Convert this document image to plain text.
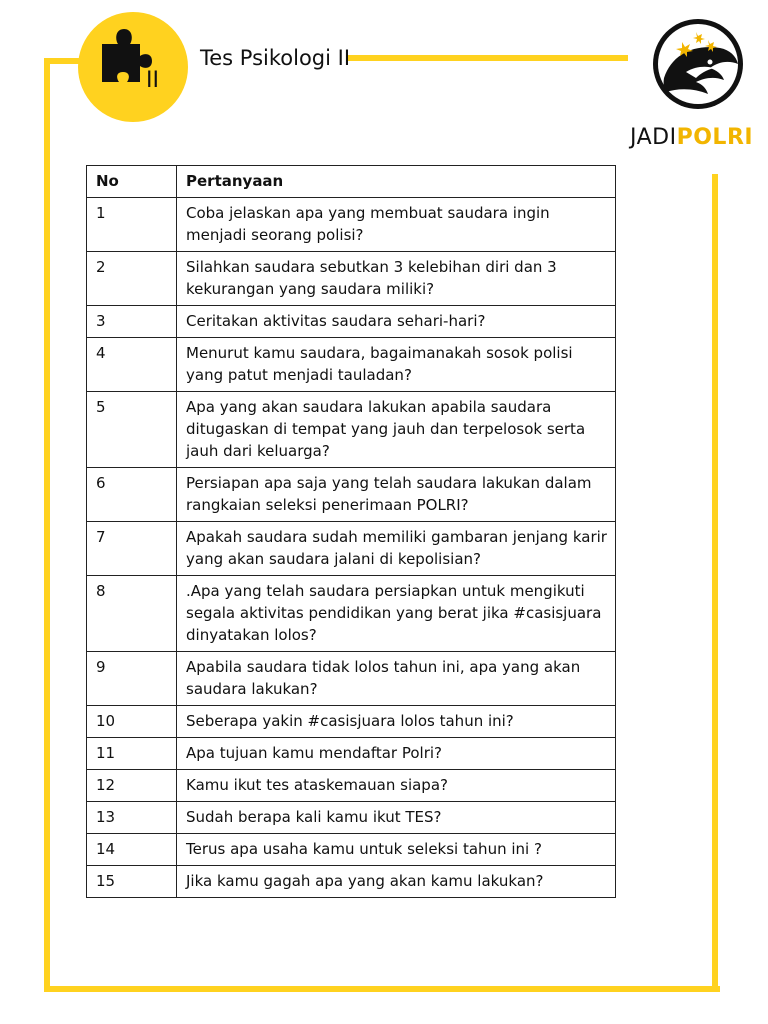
II
Tes Psikologi II
JADIPOLRI
No	Pertanyaan
1	Coba jelaskan apa yang membuat saudara ingin menjadi seorang polisi?
2	Silahkan saudara sebutkan 3 kelebihan diri dan 3 kekurangan yang saudara miliki?
3	Ceritakan aktivitas saudara sehari-hari?
4	Menurut kamu saudara, bagaimanakah sosok polisi yang patut menjadi tauladan?
5	Apa yang akan saudara lakukan apabila saudara ditugaskan di tempat yang jauh dan terpelosok serta jauh dari keluarga?
6	Persiapan apa saja yang telah saudara lakukan dalam rangkaian seleksi penerimaan POLRI?
7	Apakah saudara sudah memiliki gambaran jenjang karir yang akan saudara jalani di kepolisian?
8	.Apa yang telah saudara persiapkan untuk mengikuti segala aktivitas pendidikan yang berat jika #casisjuara dinyatakan lolos?
9	Apabila saudara tidak lolos tahun ini, apa yang akan saudara lakukan?
10	Seberapa yakin #casisjuara lolos tahun ini?
11	Apa tujuan kamu mendaftar Polri?
12	Kamu ikut tes ataskemauan siapa?
13	Sudah berapa kali kamu ikut TES?
14	Terus apa usaha kamu untuk seleksi tahun ini ?
15	Jika kamu gagah apa yang akan kamu lakukan?
